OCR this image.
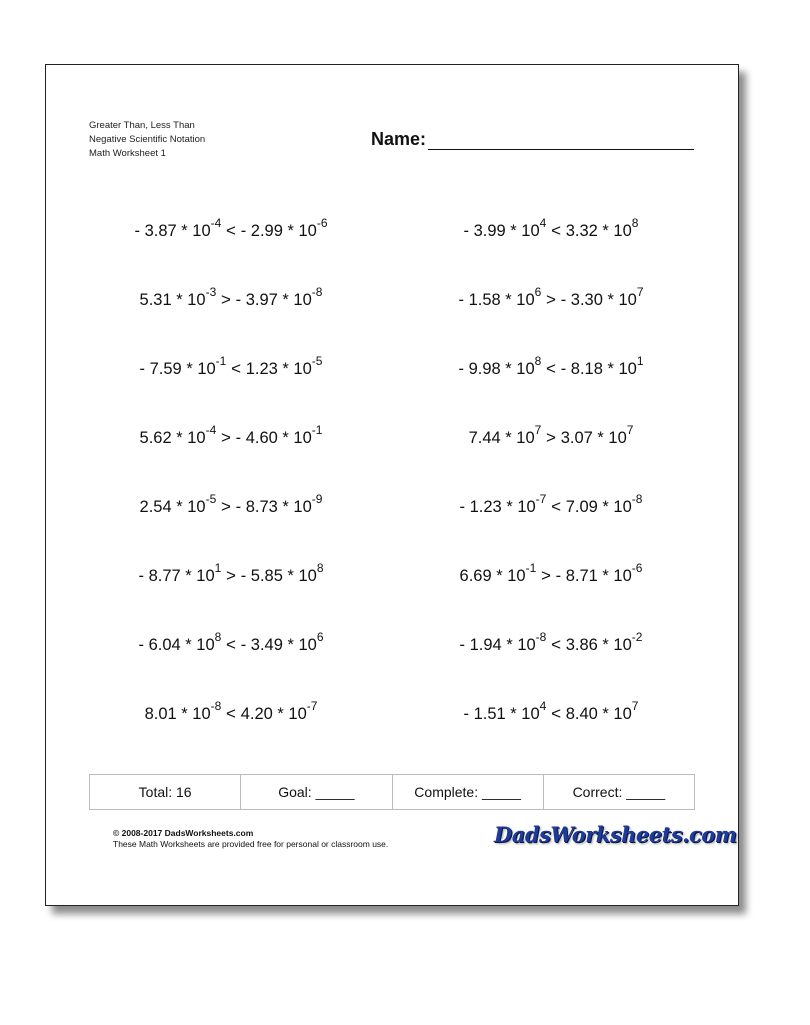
Greater Than, Less Than
Negative Scientific Notation
Math Worksheet 1
Name:
- $3.87 * 10^{-4}$ < - $2.99 * 10^{-6}$	- $3.99 * 10^4 < 3.32 * 10^8$
$5.31 * 10^{-3}$ > - $3.97 * 10^{-8}$	- $1.58 * 10^6$ > - $3.30 * 10^7$
- $7.59 * 10^{-1} < 1.23 * 10^{-5}$	- $9.98 * 10^8$ < - $8.18 * 10^1$
$5.62 * 10^{-4}$ > - $4.60 * 10^{-1}$	$7.44 * 10^7 > 3.07 * 10^7$
$2.54 * 10^{-5}$ > - $8.73 * 10^{-9}$	- $1.23 * 10^{-7} < 7.09 * 10^{-8}$
- $8.77 * 10^1$ > - $5.85 * 10^8$	$6.69 * 10^{-1}$ > - $8.71 * 10^{-6}$
- $6.04 * 10^8$ < - $3.49 * 10^6$	- $1.94 * 10^{-8} < 3.86 * 10^{-2}$
$8.01 * 10^{-8} < 4.20 * 10^{-7}$	- $1.51 * 10^4 < 8.40 * 10^7$
Total: 16	Goal: _____	Complete: _____	Correct: _____
© 2008-2017 DadsWorksheets.com
These Math Worksheets are provided free for personal or classroom use.	DadsWorksheets.com
